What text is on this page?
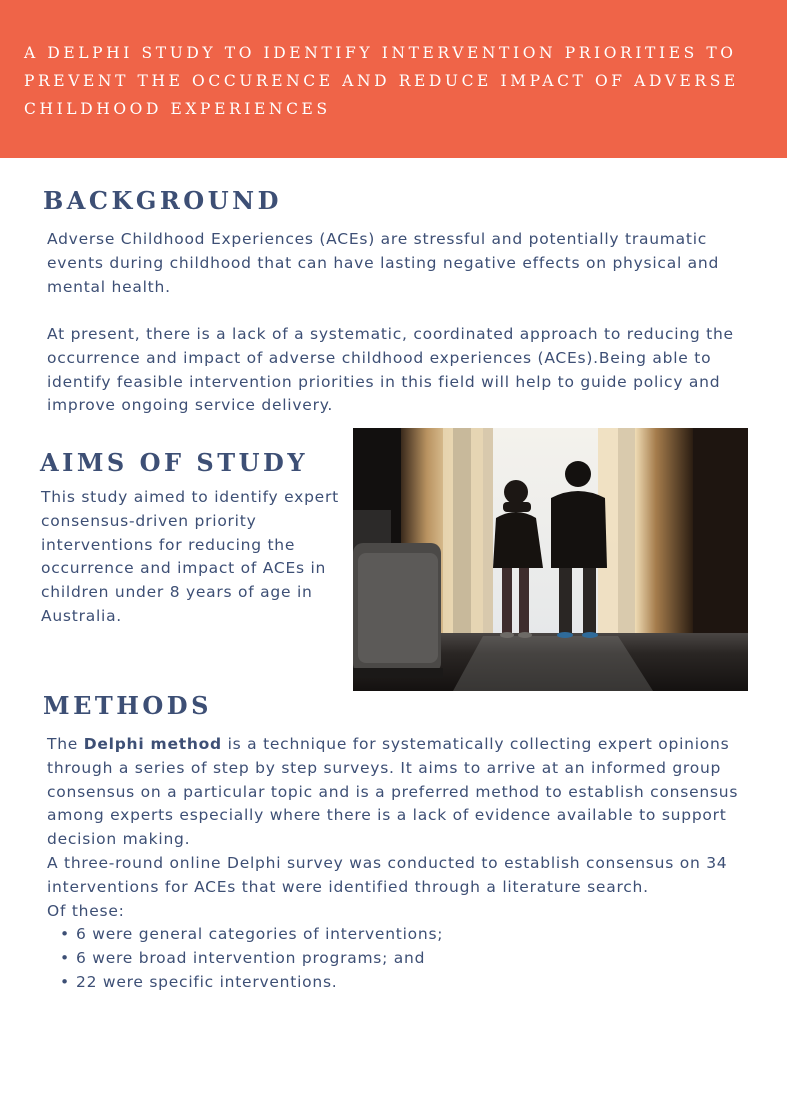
A DELPHI STUDY TO IDENTIFY INTERVENTION PRIORITIES TO PREVENT THE OCCURENCE AND REDUCE IMPACT OF ADVERSE CHILDHOOD EXPERIENCES
BACKGROUND

Adverse Childhood Experiences (ACEs) are stressful and potentially traumatic events during childhood that can have lasting negative effects on physical and mental health.

At present, there is a lack of a systematic, coordinated approach to reducing the occurrence and impact of adverse childhood experiences (ACEs).Being able to identify feasible intervention priorities in this field will help to guide policy and improve ongoing service delivery.

AIMS OF STUDY

This study aimed to identify expert consensus-driven priority interventions for reducing the occurrence and impact of ACEs in children under 8 years of age in Australia.

METHODS

The Delphi method is a technique for systematically collecting expert opinions through a series of step by step surveys. It aims to arrive at an informed group consensus on a particular topic and is a preferred method to establish consensus among experts especially where there is a lack of evidence available to support decision making.

A three-round online Delphi survey was conducted to establish consensus on 34 interventions for ACEs that were identified through a literature search.

Of these:

• 6 were general categories of interventions;
• 6 were broad intervention programs; and
• 22 were specific interventions.
